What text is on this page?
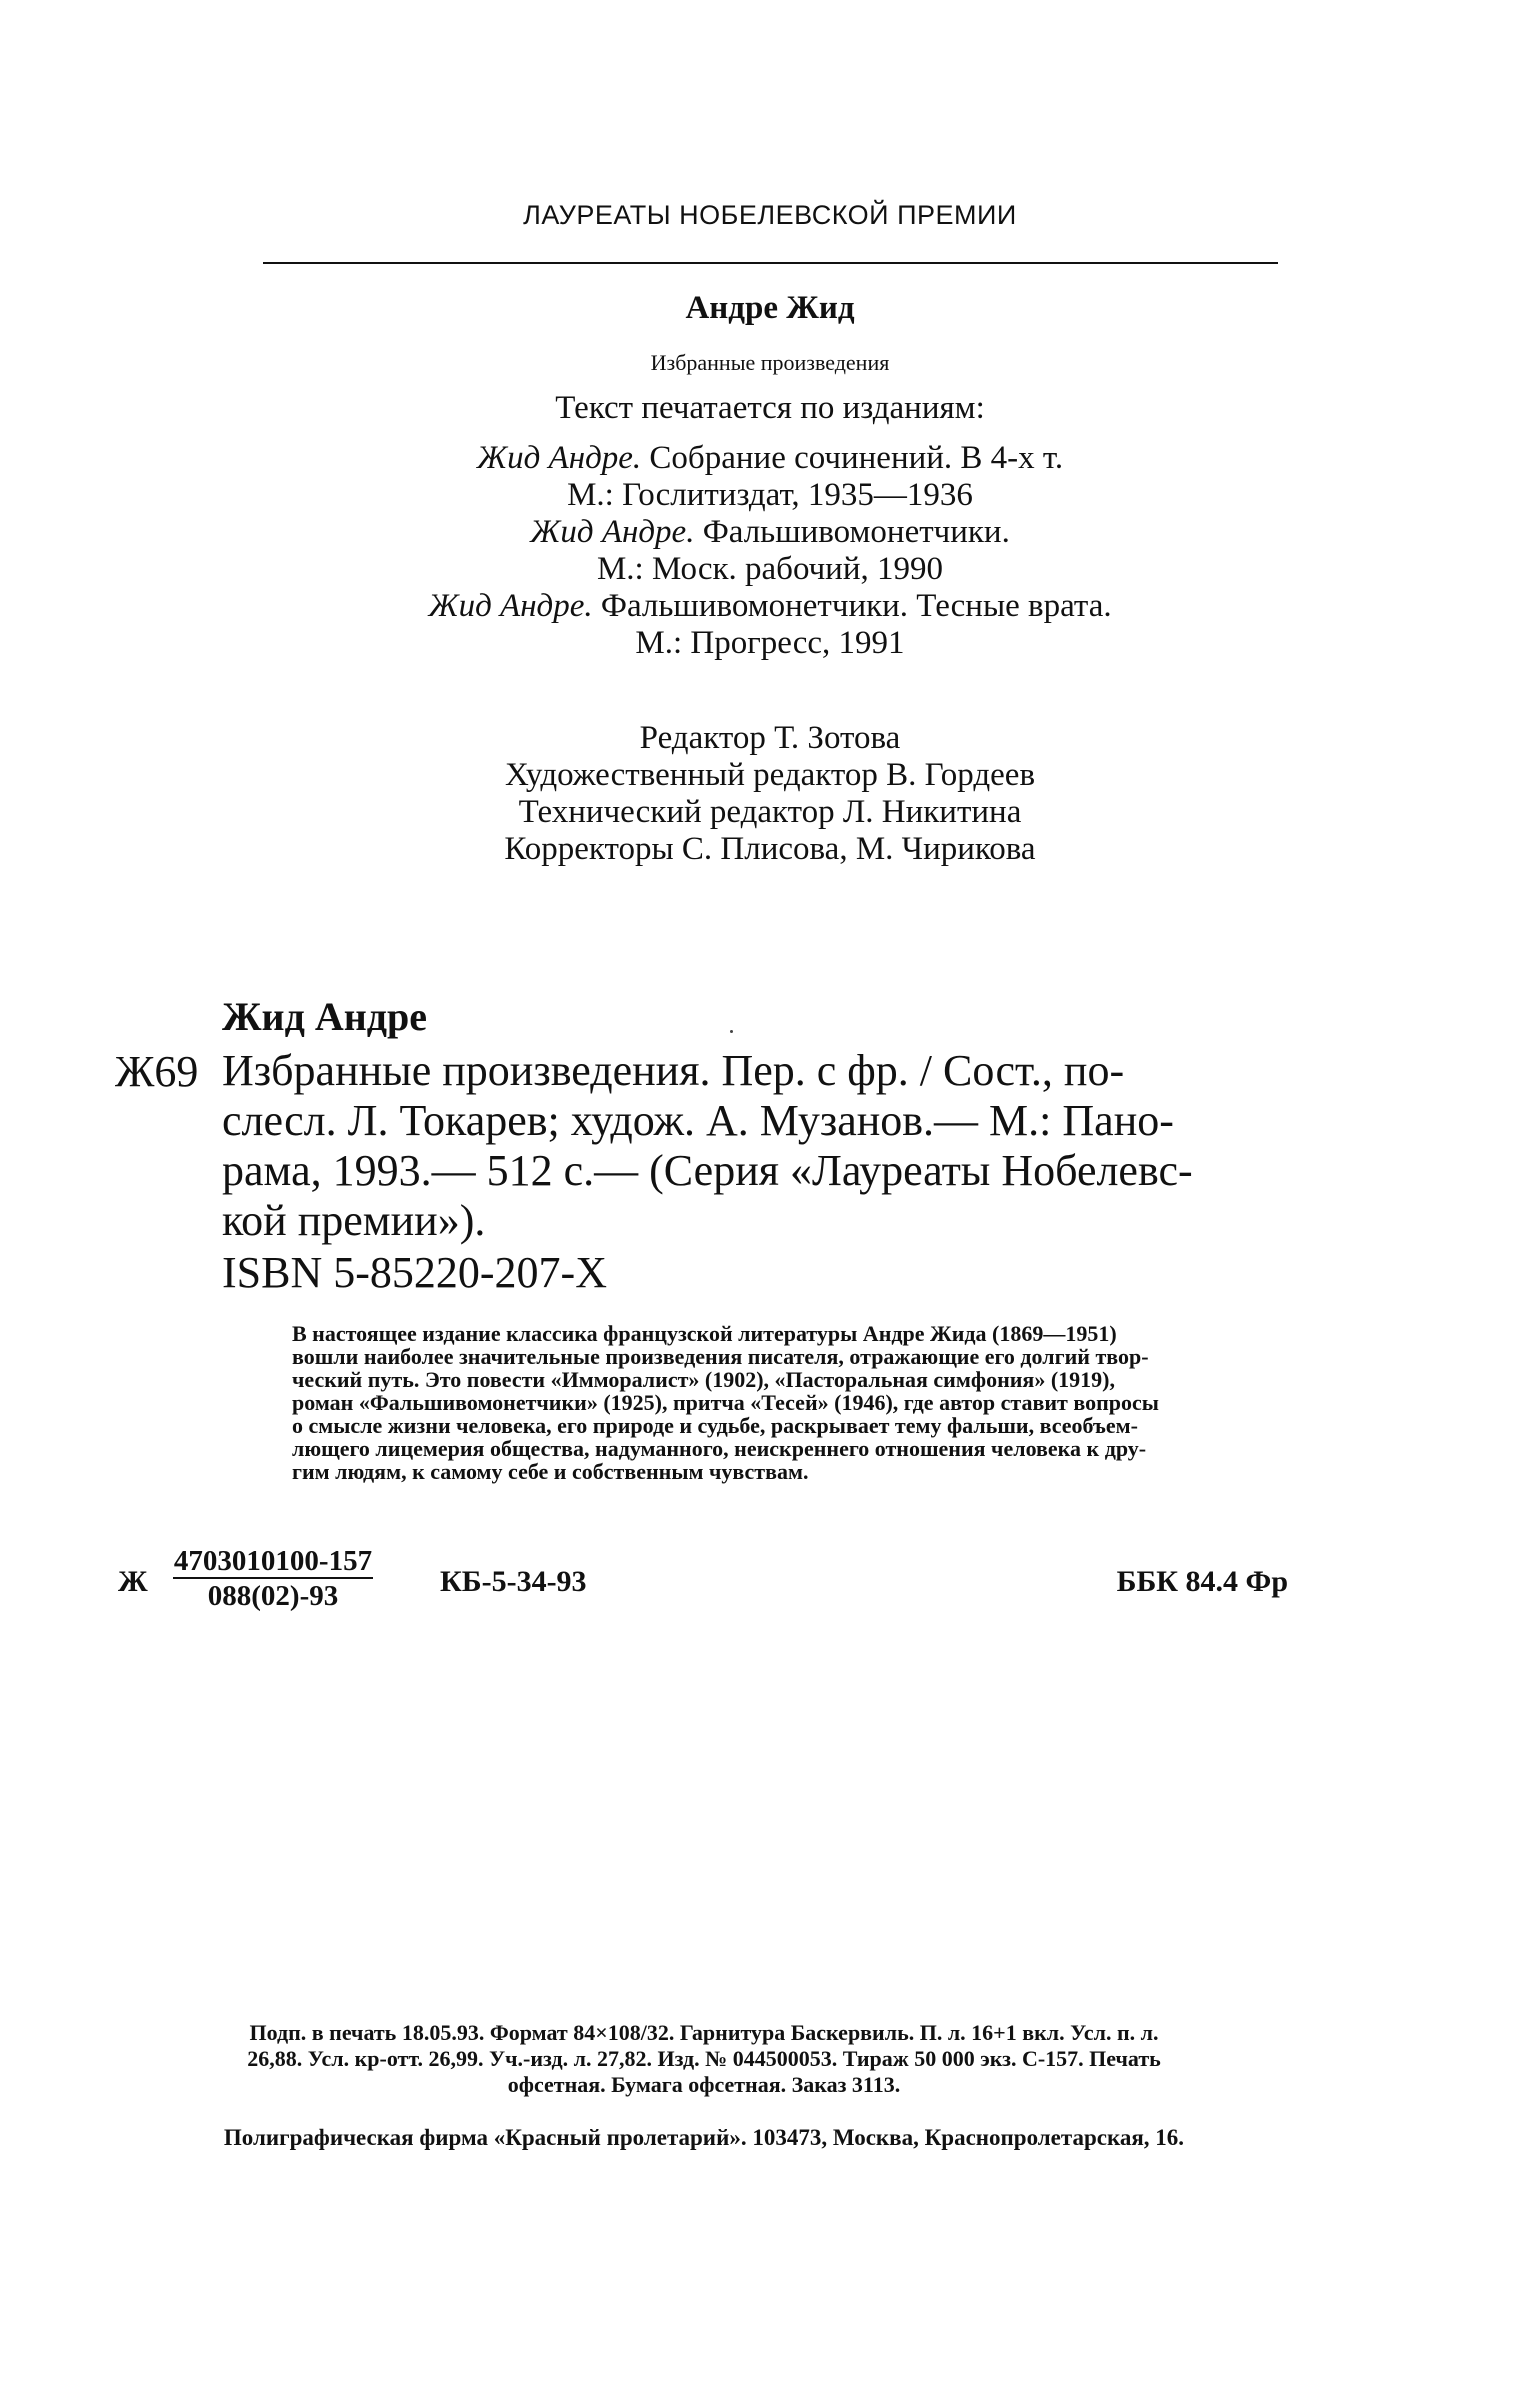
ЛАУРЕАТЫ НОБЕЛЕВСКОЙ ПРЕМИИ
Андре Жид
Избранные произведения
Текст печатается по изданиям:
Жид Андре. Собрание сочинений. В 4-х т.
М.: Гослитиздат, 1935—1936
Жид Андре. Фальшивомонетчики.
М.: Моск. рабочий, 1990
Жид Андре. Фальшивомонетчики. Тесные врата.
М.: Прогресс, 1991
Редактор Т. Зотова
Художественный редактор В. Гордеев
Технический редактор Л. Никитина
Корректоры С. Плисова, М. Чирикова
Жид Андре
Ж69 Избранные произведения. Пер. с фр. / Сост., по-
слесл. Л. Токарев; худож. А. Музанов.— М.: Пано-
рама, 1993.— 512 с.— (Серия «Лауреаты Нобелевс-
кой премии»).
ISBN 5-85220-207-X
В настоящее издание классика французской литературы Андре Жида (1869—1951)
вошли наиболее значительные произведения писателя, отражающие его долгий твор-
ческий путь. Это повести «Имморалист» (1902), «Пасторальная симфония» (1919),
роман «Фальшивомонетчики» (1925), притча «Тесей» (1946), где автор ставит вопросы
о смысле жизни человека, его природе и судьбе, раскрывает тему фальши, всеобъем-
лющего лицемерия общества, надуманного, неискреннего отношения человека к дру-
гим людям, к самому себе и собственным чувствам.
Ж
4703010100-157
088(02)-93	КБ-5-34-93	ББК 84.4 Фр
Подп. в печать 18.05.93. Формат 84×108/32. Гарнитура Баскервиль. П. л. 16+1 вкл. Усл. п. л.
26,88. Усл. кр-отт. 26,99. Уч.-изд. л. 27,82. Изд. № 044500053. Тираж 50 000 экз. С-157. Печать
офсетная. Бумага офсетная. Заказ 3113.
Полиграфическая фирма «Красный пролетарий». 103473, Москва, Краснопролетарская, 16.
